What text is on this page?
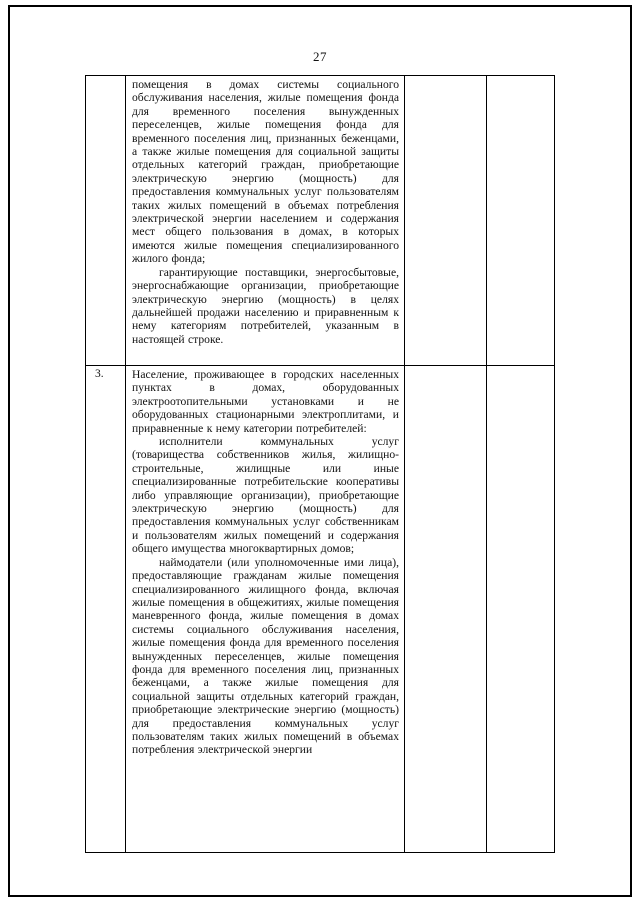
27

	помещения в домах системы социального обслуживания населения, жилые помещения фонда для временного поселения вынужденных переселенцев, жилые помещения фонда для временного поселения лиц, признанных беженцами, а также жилые помещения для социальной защиты отдельных категорий граждан, приобретающие электрическую энергию (мощность) для предоставления коммунальных услуг пользователям таких жилых помещений в объемах потребления электрической энергии населением и содержания мест общего пользования в домах, в которых имеются жилые помещения специализированного жилого фонда;

гарантирующие поставщики, энергосбытовые, энергоснабжающие организации, приобретающие электрическую энергию (мощность) в целях дальнейшей продажи населению и приравненным к нему категориям потребителей, указанным в настоящей строке.		

3.	Население, проживающее в городских населенных пунктах в домах, оборудованных электроотопительными установками и не оборудованных стационарными электроплитами, и приравненные к нему категории потребителей:

исполнители коммунальных услуг (товарищества собственников жилья, жилищно-строительные, жилищные или иные специализированные потребительские кооперативы либо управляющие организации), приобретающие электрическую энергию (мощность) для предоставления коммунальных услуг собственникам и пользователям жилых помещений и содержания общего имущества многоквартирных домов;

наймодатели (или уполномоченные ими лица), предоставляющие гражданам жилые помещения специализированного жилищного фонда, включая жилые помещения в общежитиях, жилые помещения маневренного фонда, жилые помещения в домах системы социального обслуживания населения, жилые помещения фонда для временного поселения вынужденных переселенцев, жилые помещения фонда для временного поселения лиц, признанных беженцами, а также жилые помещения для социальной защиты отдельных категорий граждан, приобретающие электрические энергию (мощность) для предоставления коммунальных услуг пользователям таких жилых помещений в объемах потребления электрической энергии		
